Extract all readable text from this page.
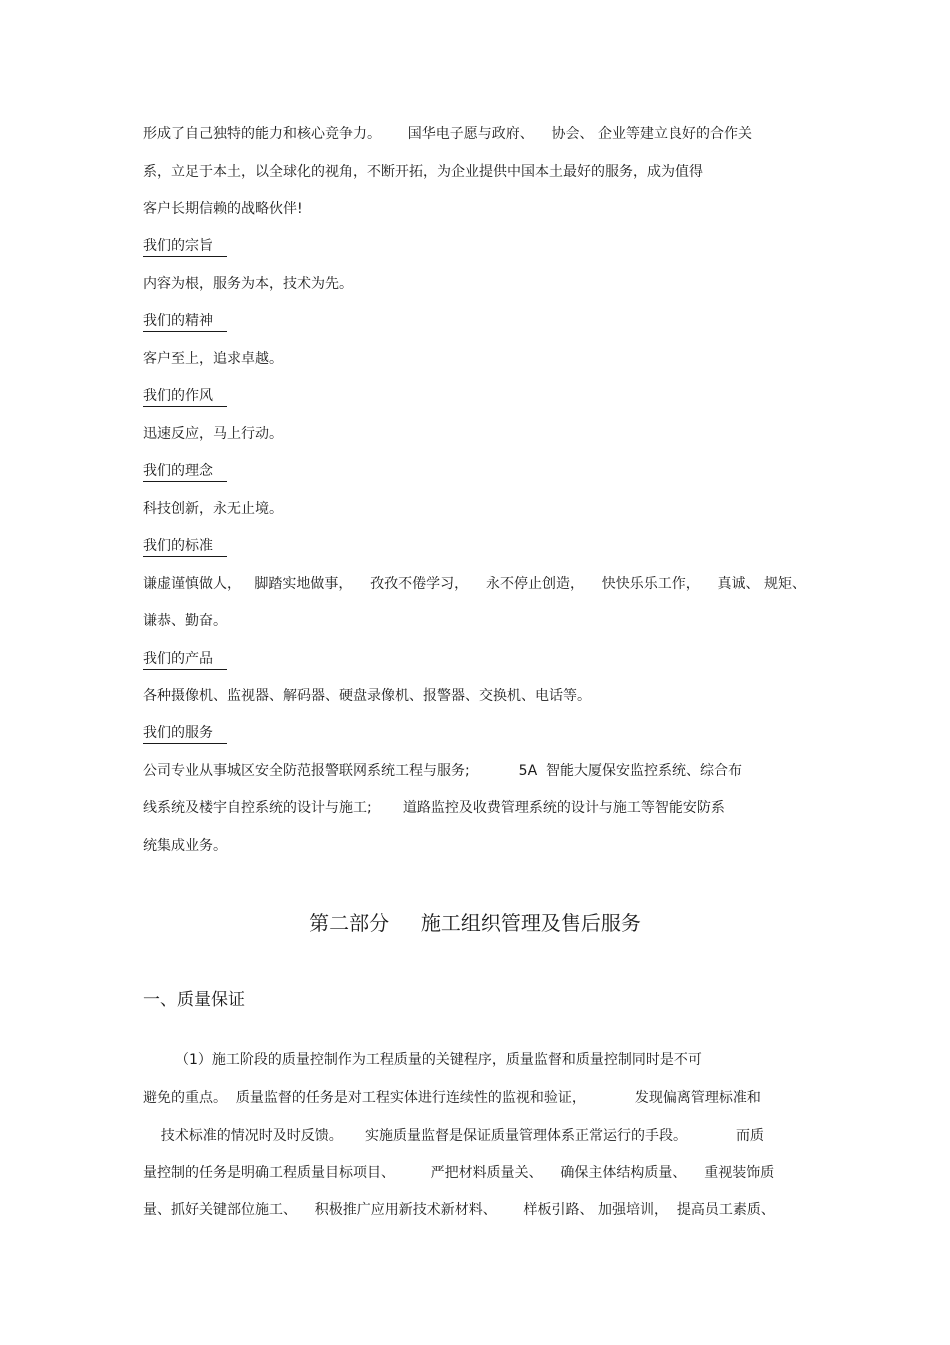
形成了自己独特的能力和核心竞争力。      国华电子愿与政府、    协会、 企业等建立良好的合作关
系，立足于本土，以全球化的视角，不断开拓，为企业提供中国本土最好的服务，成为值得
客户长期信赖的战略伙伴!
我们的宗旨
内容为根，服务为本，技术为先。
我们的精神
客户至上，追求卓越。
我们的作风
迅速反应，马上行动。
我们的理念
科技创新，永无止境。
我们的标准
谦虚谨慎做人，   脚踏实地做事，    孜孜不倦学习，    永不停止创造，    快快乐乐工作，    真诚、 规矩、
谦恭、勤奋。
我们的产品
各种摄像机、监视器、解码器、硬盘录像机、报警器、交换机、电话等。
我们的服务
公司专业从事城区安全防范报警联网系统工程与服务;           5A  智能大厦保安监控系统、综合布
线系统及楼宇自控系统的设计与施工;       道路监控及收费管理系统的设计与施工等智能安防系
统集成业务。
第二部分     施工组织管理及售后服务
一、质量保证
（1）施工阶段的质量控制作为工程质量的关键程序，质量监督和质量控制同时是不可
避免的重点。  质量监督的任务是对工程实体进行连续性的监视和验证，           发现偏离管理标准和
技术标准的情况时及时反馈。     实施质量监督是保证质量管理体系正常运行的手段。           而质
量控制的任务是明确工程质量目标项目、        严把材料质量关、    确保主体结构质量、    重视装饰质
量、抓好关键部位施工、    积极推广应用新技术新材料、      样板引路、 加强培训，  提高员工素质、
